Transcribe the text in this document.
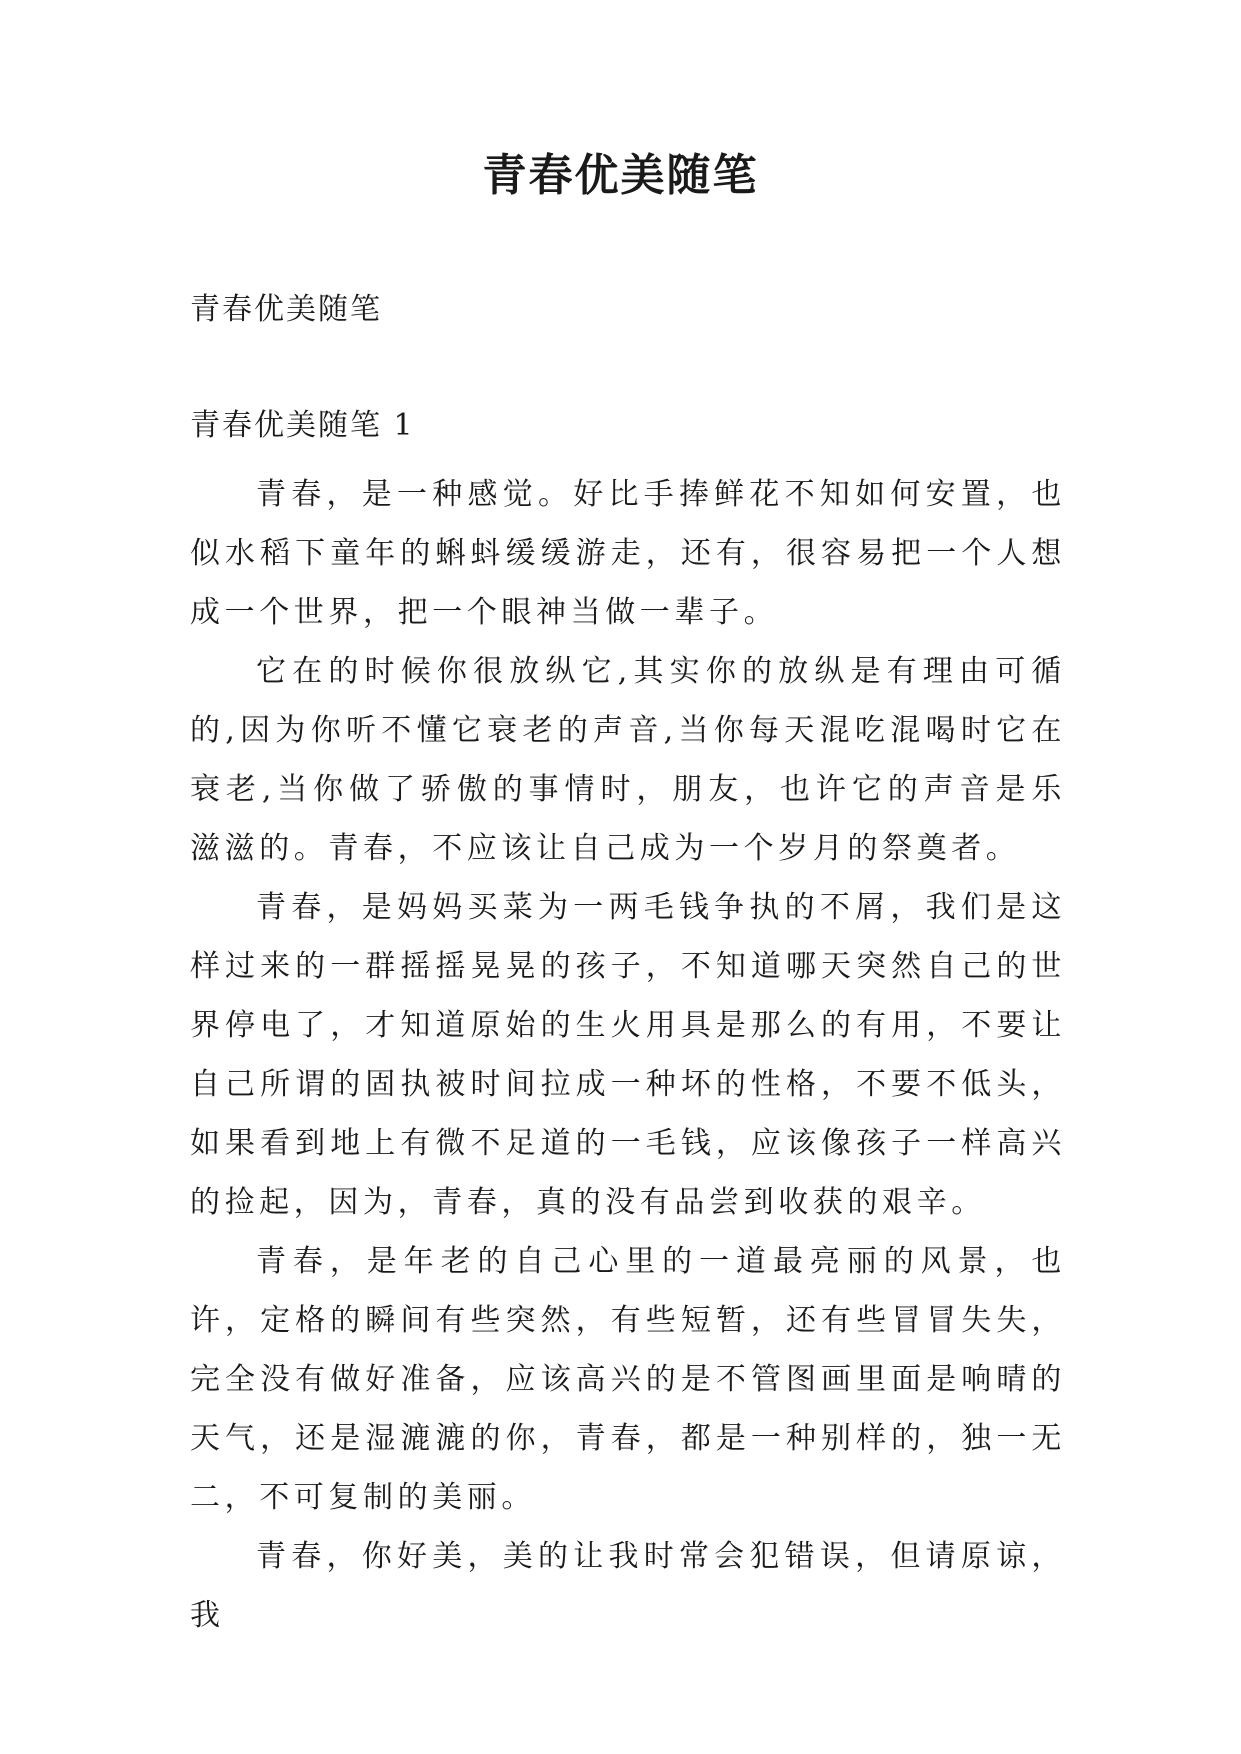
青春优美随笔
青春优美随笔
青春优美随笔 1

青春，是一种感觉。好比手捧鲜花不知如何安置，也似水稻下童年的蝌蚪缓缓游走，还有，很容易把一个人想成一个世界，把一个眼神当做一辈子。

它在的时候你很放纵它,其实你的放纵是有理由可循的,因为你听不懂它衰老的声音,当你每天混吃混喝时它在衰老,当你做了骄傲的事情时，朋友，也许它的声音是乐滋滋的。青春，不应该让自己成为一个岁月的祭奠者。

青春，是妈妈买菜为一两毛钱争执的不屑，我们是这样过来的一群摇摇晃晃的孩子，不知道哪天突然自己的世界停电了，才知道原始的生火用具是那么的有用，不要让自己所谓的固执被时间拉成一种坏的性格，不要不低头，如果看到地上有微不足道的一毛钱，应该像孩子一样高兴的捡起，因为，青春，真的没有品尝到收获的艰辛。

青春，是年老的自己心里的一道最亮丽的风景，也许，定格的瞬间有些突然，有些短暂，还有些冒冒失失，完全没有做好准备，应该高兴的是不管图画里面是响晴的天气，还是湿漉漉的你，青春，都是一种别样的，独一无二，不可复制的美丽。

青春，你好美，美的让我时常会犯错误，但请原谅，我
